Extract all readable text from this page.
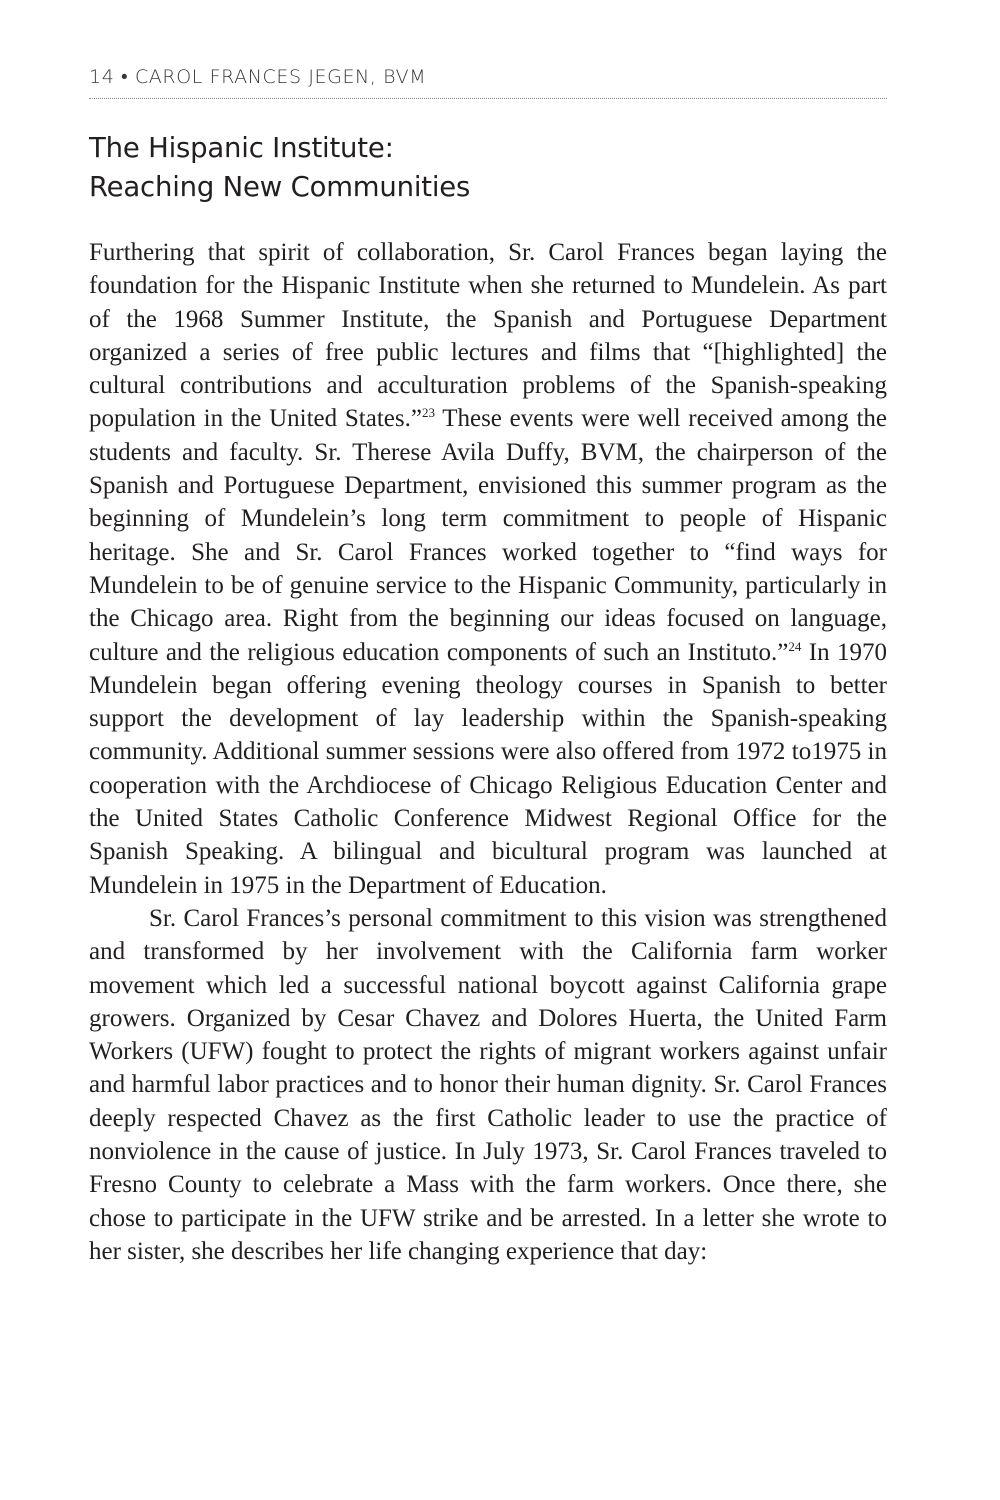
14 • CAROL FRANCES JEGEN, BVM
The Hispanic Institute:
Reaching New Communities

Furthering that spirit of collaboration, Sr. Carol Frances began laying the foundation for the Hispanic Institute when she returned to Mundelein. As part of the 1968 Summer Institute, the Spanish and Portuguese Department organized a series of free public lectures and films that “[highlighted] the cultural contributions and acculturation problems of the Spanish-speaking population in the United States.”$^{23}$ These events were well received among the students and faculty. Sr. Therese Avila Duffy, BVM, the chairperson of the Spanish and Portuguese Department, envisioned this summer program as the beginning of Mundelein’s long term commitment to people of Hispanic heritage. She and Sr. Carol Frances worked together to “find ways for Mundelein to be of genuine service to the Hispanic Community, particularly in the Chicago area. Right from the beginning our ideas focused on language, culture and the religious education components of such an Instituto.”$^{24}$ In 1970 Mundelein began offering evening theology courses in Spanish to better support the development of lay leadership within the Spanish-speaking community. Additional summer sessions were also offered from 1972 to1975 in cooperation with the Archdiocese of Chicago Religious Education Center and the United States Catholic Conference Midwest Regional Office for the Spanish Speaking. A bilingual and bicultural program was launched at Mundelein in 1975 in the Department of Education.

Sr. Carol Frances’s personal commitment to this vision was strengthened and transformed by her involvement with the California farm worker movement which led a successful national boycott against California grape growers. Organized by Cesar Chavez and Dolores Huerta, the United Farm Workers (UFW) fought to protect the rights of migrant workers against unfair and harmful labor practices and to honor their human dignity. Sr. Carol Frances deeply respected Chavez as the first Catholic leader to use the practice of nonviolence in the cause of justice. In July 1973, Sr. Carol Frances traveled to Fresno County to celebrate a Mass with the farm workers. Once there, she chose to participate in the UFW strike and be arrested. In a letter she wrote to her sister, she describes her life changing experience that day:
